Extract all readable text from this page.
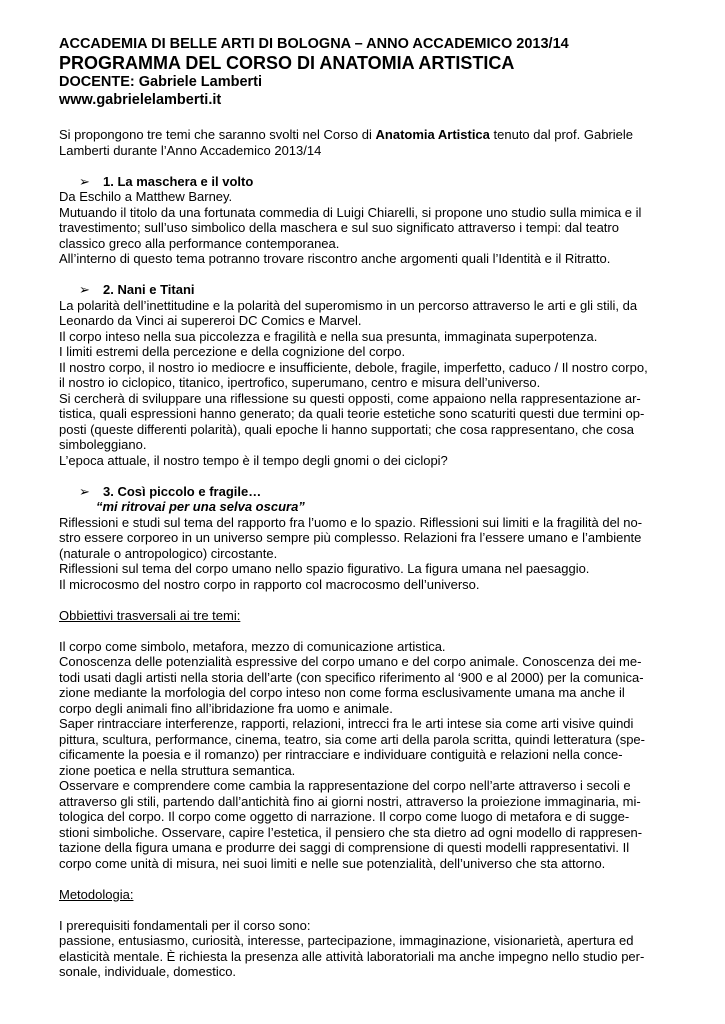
ACCADEMIA DI BELLE ARTI DI BOLOGNA – ANNO ACCADEMICO 2013/14

PROGRAMMA DEL CORSO DI ANATOMIA ARTISTICA

DOCENTE: Gabriele Lamberti

www.gabrielelamberti.it

Si propongono tre temi che saranno svolti nel Corso di Anatomia Artistica tenuto dal prof. Gabriele

Lamberti durante l’Anno Accademico 2013/14

➢ 1. La maschera e il volto

Da Eschilo a Matthew Barney.

Mutuando il titolo da una fortunata commedia di Luigi Chiarelli, si propone uno studio sulla mimica e il

travestimento; sull’uso simbolico della maschera e sul suo significato attraverso i tempi: dal teatro

classico greco alla performance contemporanea.

All’interno di questo tema potranno trovare riscontro anche argomenti quali l’Identità e il Ritratto.

➢ 2. Nani e Titani

La polarità dell’inettitudine e la polarità del superomismo in un percorso attraverso le arti e gli stili, da

Leonardo da Vinci ai supereroi DC Comics e Marvel.

Il corpo inteso nella sua piccolezza e fragilità e nella sua presunta, immaginata superpotenza.

I limiti estremi della percezione e della cognizione del corpo.

Il nostro corpo, il nostro io mediocre e insufficiente, debole, fragile, imperfetto, caduco / Il nostro corpo,

il nostro io ciclopico, titanico, ipertrofico, superumano, centro e misura dell’universo.

Si cercherà di sviluppare una riflessione su questi opposti, come appaiono nella rappresentazione ar-

tistica, quali espressioni hanno generato; da quali teorie estetiche sono scaturiti questi due termini op-

posti (queste differenti polarità), quali epoche li hanno supportati; che cosa rappresentano, che cosa

simboleggiano.

L’epoca attuale, il nostro tempo è il tempo degli gnomi o dei ciclopi?

➢ 3. Così piccolo e fragile…

“mi ritrovai per una selva oscura”

Riflessioni e studi sul tema del rapporto fra l’uomo e lo spazio. Riflessioni sui limiti e la fragilità del no-

stro essere corporeo in un universo sempre più complesso. Relazioni fra l’essere umano e l’ambiente

(naturale o antropologico) circostante.

Riflessioni sul tema del corpo umano nello spazio figurativo. La figura umana nel paesaggio.

Il microcosmo del nostro corpo in rapporto col macrocosmo dell’universo.

Obbiettivi trasversali ai tre temi:

Il corpo come simbolo, metafora, mezzo di comunicazione artistica.

Conoscenza delle potenzialità espressive del corpo umano e del corpo animale. Conoscenza dei me-

todi usati dagli artisti nella storia dell’arte (con specifico riferimento al ‘900 e al 2000) per la comunica-

zione mediante la morfologia del corpo inteso non come forma esclusivamente umana ma anche il

corpo degli animali fino all’ibridazione fra uomo e animale.

Saper rintracciare interferenze, rapporti, relazioni, intrecci fra le arti intese sia come arti visive quindi

pittura, scultura, performance, cinema, teatro, sia come arti della parola scritta, quindi letteratura (spe-

cificamente la poesia e il romanzo) per rintracciare e individuare contiguità e relazioni nella conce-

zione poetica e nella struttura semantica.

Osservare e comprendere come cambia la rappresentazione del corpo nell’arte attraverso i secoli e

attraverso gli stili, partendo dall’antichità fino ai giorni nostri, attraverso la proiezione immaginaria, mi-

tologica del corpo. Il corpo come oggetto di narrazione. Il corpo come luogo di metafora e di sugge-

stioni simboliche. Osservare, capire l’estetica, il pensiero che sta dietro ad ogni modello di rappresen-

tazione della figura umana e produrre dei saggi di comprensione di questi modelli rappresentativi. Il

corpo come unità di misura, nei suoi limiti e nelle sue potenzialità, dell’universo che sta attorno.

Metodologia:

I prerequisiti fondamentali per il corso sono:

passione, entusiasmo, curiosità, interesse, partecipazione, immaginazione, visionarietà, apertura ed

elasticità mentale. È richiesta la presenza alle attività laboratoriali ma anche impegno nello studio per-

sonale, individuale, domestico.
